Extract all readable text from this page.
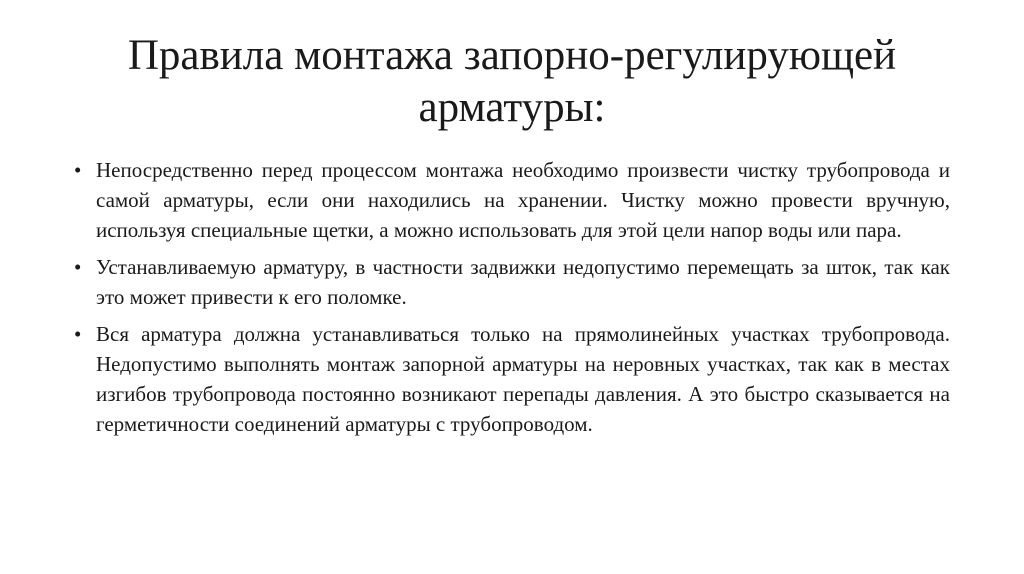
Правила монтажа запорно-регулирующей
арматуры:
• Непосредственно перед процессом монтажа необходимо произвести чистку трубопровода и самой арматуры, если они находились на хранении. Чистку можно провести вручную, используя специальные щетки, а можно использовать для этой цели напор воды или пара.
• Устанавливаемую арматуру, в частности задвижки недопустимо перемещать за шток, так как это может привести к его поломке.
• Вся арматура должна устанавливаться только на прямолинейных участках трубопровода. Недопустимо выполнять монтаж запорной арматуры на неровных участках, так как в местах изгибов трубопровода постоянно возникают перепады давления. А это быстро сказывается на герметичности соединений арматуры с трубопроводом.
